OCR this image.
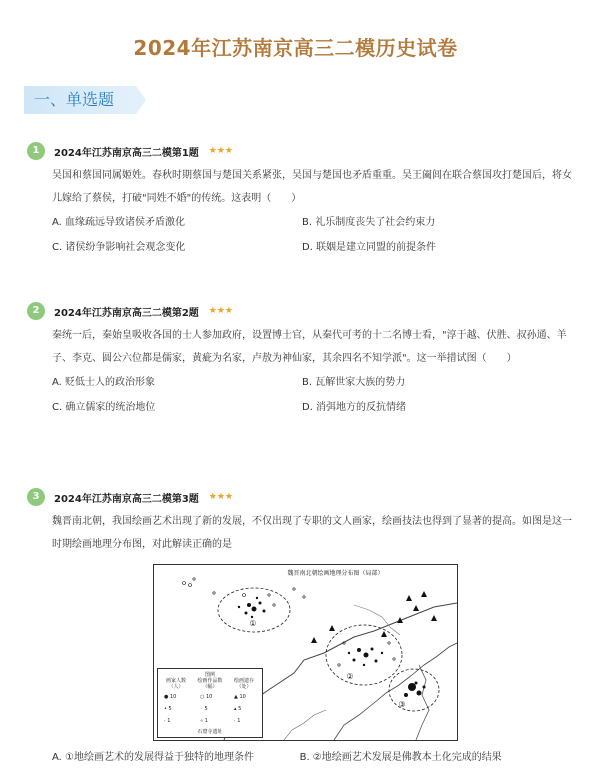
2024年江苏南京高三二模历史试卷
一、单选题
1	2024年江苏南京高三二模第1题 ★★★
吴国和蔡国同属姬姓。春秋时期蔡国与楚国关系紧张，吴国与楚国也矛盾重重。吴王阖闾在联合蔡国攻打楚国后，将女儿嫁给了蔡侯，打破"同姓不婚"的传统。这表明（　　）
A. 血缘疏远导致诸侯矛盾激化	B. 礼乐制度丧失了社会约束力
C. 诸侯纷争影响社会观念变化	D. 联姻是建立同盟的前提条件
2	2024年江苏南京高三二模第2题 ★★★
秦统一后，秦始皇吸收各国的士人参加政府，设置博士官，从秦代可考的十二名博士看，"淳于越、伏胜、叔孙通、羊子、李克、圆公六位都是儒家，黄疵为名家，卢敖为神仙家，其余四名不知学派"。这一举措试图（　　）
A. 贬低士人的政治形象	B. 瓦解世家大族的势力
C. 确立儒家的统治地位	D. 消弭地方的反抗情绪
3	2024年江苏南京高三二模第3题 ★★★
魏晋南北朝，我国绘画艺术出现了新的发展，不仅出现了专职的文人画家，绘画技法也得到了显著的提高。如图是这一时期绘画地理分布图，对此解读正确的是
①
②
③
魏晋南北朝绘画地理分布图（局部）
图例
画家人数（人）
绘画作品数（幅）
绘画遗存（处）
● 10
• 5
· 1
○ 10
◦ 5
∘ 1
▲ 10
▴ 5
· 1
石窟寺遗址
A. ①地绘画艺术的发展得益于独特的地理条件	B. ②地绘画艺术发展是佛教本土化完成的结果
